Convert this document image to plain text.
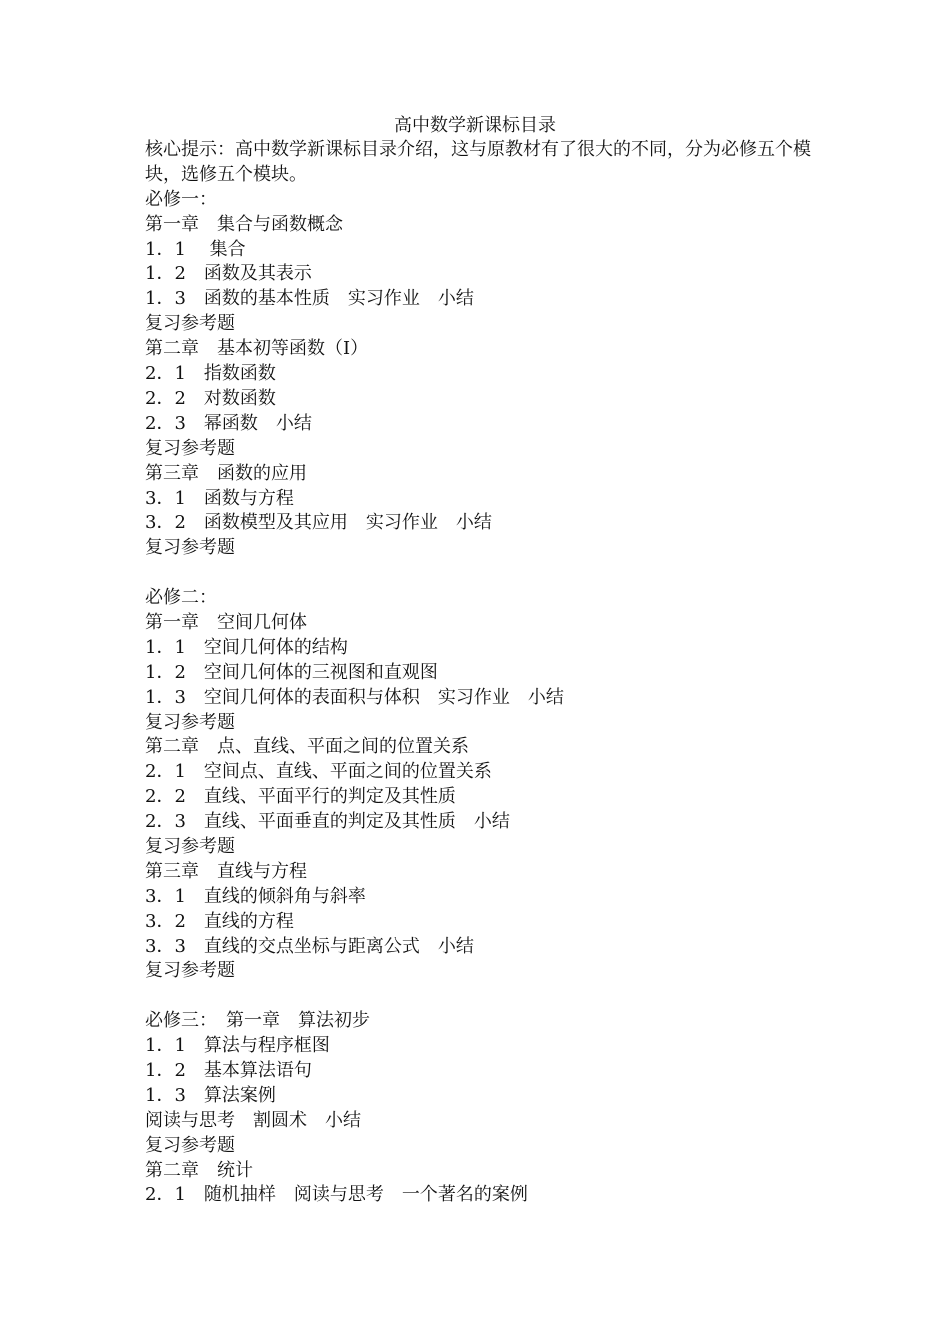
高中数学新课标目录
核心提示：高中数学新课标目录介绍，这与原教材有了很大的不同，分为必修五个模块，选修五个模块。
必修一：
第一章　集合与函数概念
1．1　 集合
1．2　函数及其表示
1．3　函数的基本性质　实习作业　小结
复习参考题
第二章　基本初等函数（Ⅰ）
2．1　指数函数
2．2　对数函数
2．3　幂函数　小结
复习参考题
第三章　函数的应用
3．1　函数与方程
3．2　函数模型及其应用　实习作业　小结
复习参考题
必修二：
第一章　空间几何体
1．1　空间几何体的结构
1．2　空间几何体的三视图和直观图
1．3　空间几何体的表面积与体积　实习作业　小结
复习参考题
第二章　点、直线、平面之间的位置关系
2．1　空间点、直线、平面之间的位置关系
2．2　直线、平面平行的判定及其性质
2．3　直线、平面垂直的判定及其性质　小结
复习参考题
第三章　直线与方程
3．1　直线的倾斜角与斜率
3．2　直线的方程
3．3　直线的交点坐标与距离公式　小结
复习参考题
必修三：　第一章　算法初步
1．1　算法与程序框图
1．2　基本算法语句
1．3　算法案例
阅读与思考　割圆术　小结
复习参考题
第二章　统计
2．1　随机抽样　阅读与思考　一个著名的案例
